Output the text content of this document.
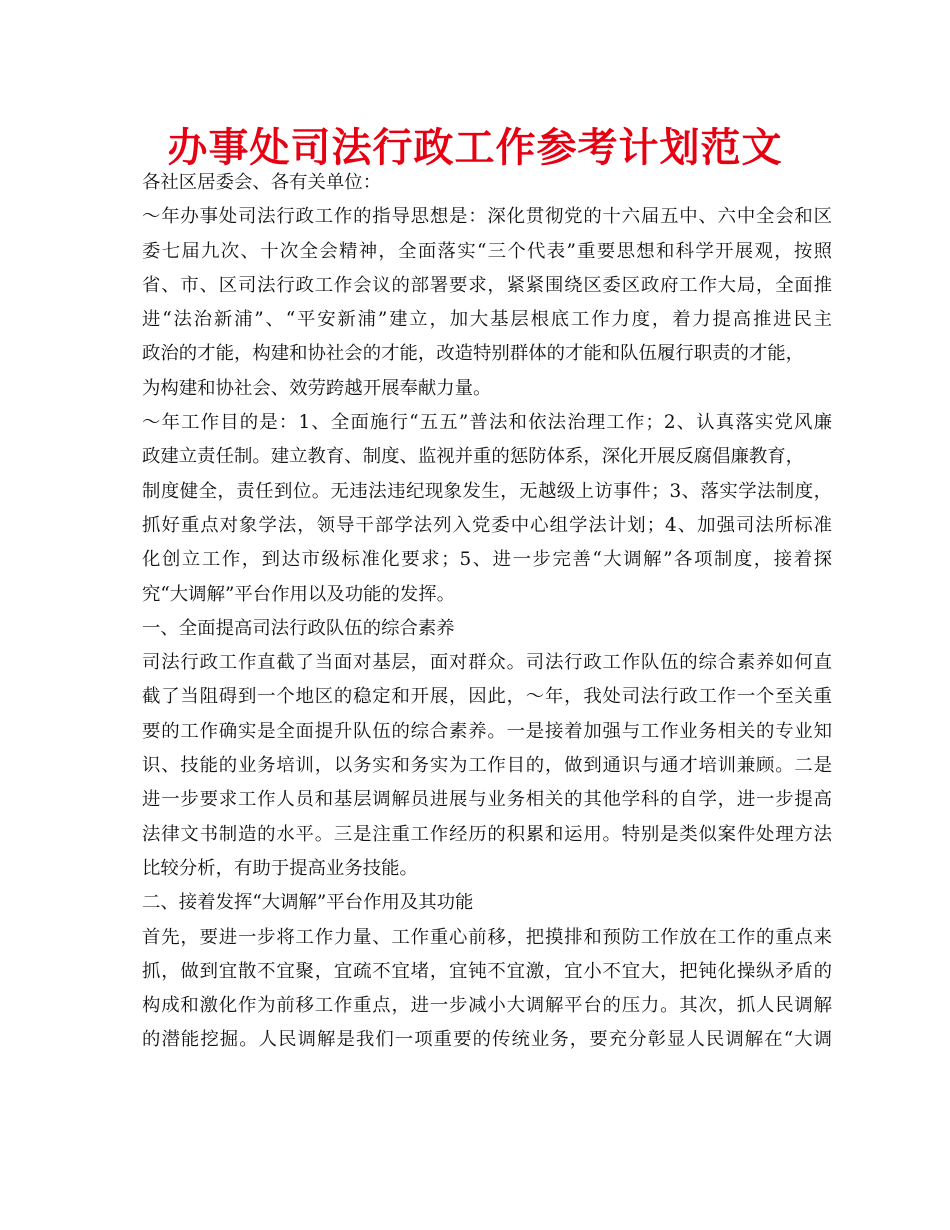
办事处司法行政工作参考计划范文
各社区居委会、各有关单位：
～年办事处司法行政工作的指导思想是：深化贯彻党的十六届五中、六中全会和区
委七届九次、十次全会精神，全面落实“三个代表”重要思想和科学开展观，按照
省、市、区司法行政工作会议的部署要求，紧紧围绕区委区政府工作大局，全面推
进“法治新浦”、“平安新浦”建立，加大基层根底工作力度，着力提高推进民主
政治的才能，构建和协社会的才能，改造特别群体的才能和队伍履行职责的才能，
为构建和协社会、效劳跨越开展奉献力量。
～年工作目的是：1、全面施行“五五”普法和依法治理工作；2、认真落实党风廉
政建立责任制。建立教育、制度、监视并重的惩防体系，深化开展反腐倡廉教育，
制度健全，责任到位。无违法违纪现象发生，无越级上访事件；3、落实学法制度，
抓好重点对象学法，领导干部学法列入党委中心组学法计划；4、加强司法所标准
化创立工作，到达市级标准化要求；5、进一步完善“大调解”各项制度，接着探
究“大调解”平台作用以及功能的发挥。
一、全面提高司法行政队伍的综合素养
司法行政工作直截了当面对基层，面对群众。司法行政工作队伍的综合素养如何直
截了当阻碍到一个地区的稳定和开展，因此，～年，我处司法行政工作一个至关重
要的工作确实是全面提升队伍的综合素养。一是接着加强与工作业务相关的专业知
识、技能的业务培训，以务实和务实为工作目的，做到通识与通才培训兼顾。二是
进一步要求工作人员和基层调解员进展与业务相关的其他学科的自学，进一步提高
法律文书制造的水平。三是注重工作经历的积累和运用。特别是类似案件处理方法
比较分析，有助于提高业务技能。
二、接着发挥“大调解”平台作用及其功能
首先，要进一步将工作力量、工作重心前移，把摸排和预防工作放在工作的重点来
抓，做到宜散不宜聚，宜疏不宜堵，宜钝不宜激，宜小不宜大，把钝化操纵矛盾的
构成和激化作为前移工作重点，进一步减小大调解平台的压力。其次，抓人民调解
的潜能挖掘。人民调解是我们一项重要的传统业务，要充分彰显人民调解在“大调
